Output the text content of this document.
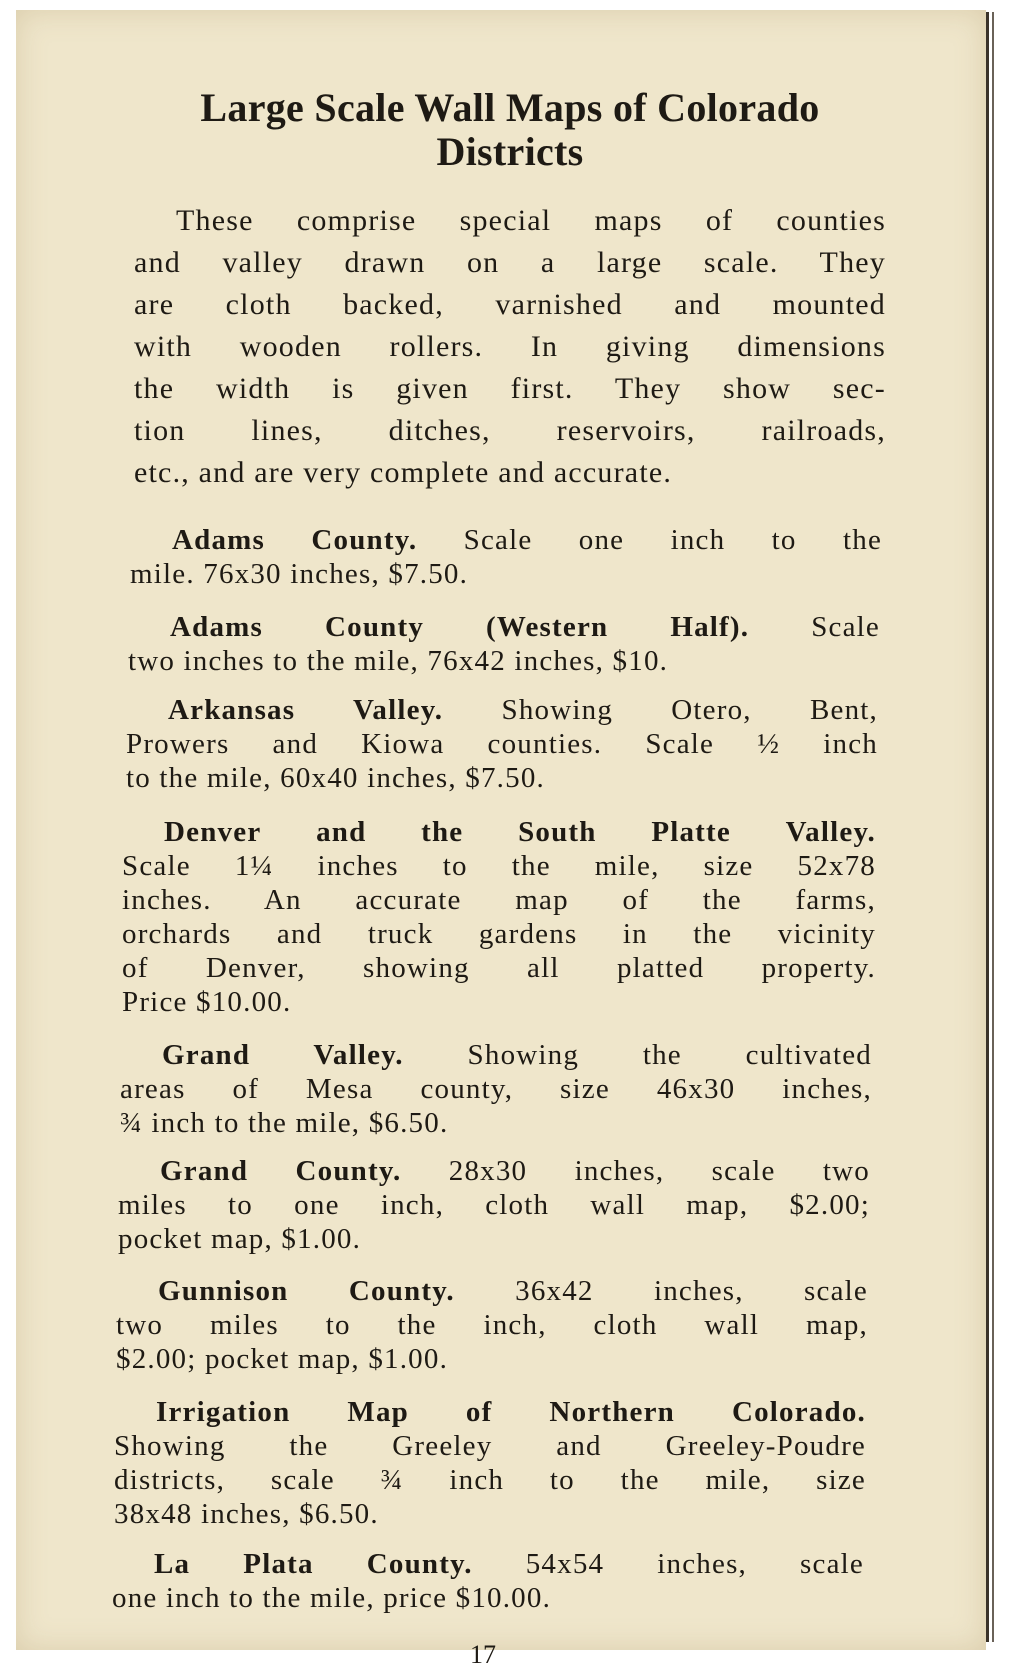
Large Scale Wall Maps of Colorado
Districts
These comprise special maps of counties
and valley drawn on a large scale. They
are cloth backed, varnished and mounted
with wooden rollers. In giving dimensions
the width is given first. They show sec-
tion lines, ditches, reservoirs, railroads,
etc., and are very complete and accurate.
Adams County. Scale one inch to the
mile. 76x30 inches, $7.50.
Adams County (Western Half). Scale
two inches to the mile, 76x42 inches, $10.
Arkansas Valley. Showing Otero, Bent,
Prowers and Kiowa counties. Scale ½ inch
to the mile, 60x40 inches, $7.50.
Denver and the South Platte Valley.
Scale 1¼ inches to the mile, size 52x78
inches. An accurate map of the farms,
orchards and truck gardens in the vicinity
of Denver, showing all platted property.
Price $10.00.
Grand Valley. Showing the cultivated
areas of Mesa county, size 46x30 inches,
¾ inch to the mile, $6.50.
Grand County. 28x30 inches, scale two
miles to one inch, cloth wall map, $2.00;
pocket map, $1.00.
Gunnison County. 36x42 inches, scale
two miles to the inch, cloth wall map,
$2.00; pocket map, $1.00.
Irrigation Map of Northern Colorado.
Showing the Greeley and Greeley-Poudre
districts, scale ¾ inch to the mile, size
38x48 inches, $6.50.
La Plata County. 54x54 inches, scale
one inch to the mile, price $10.00.
17
